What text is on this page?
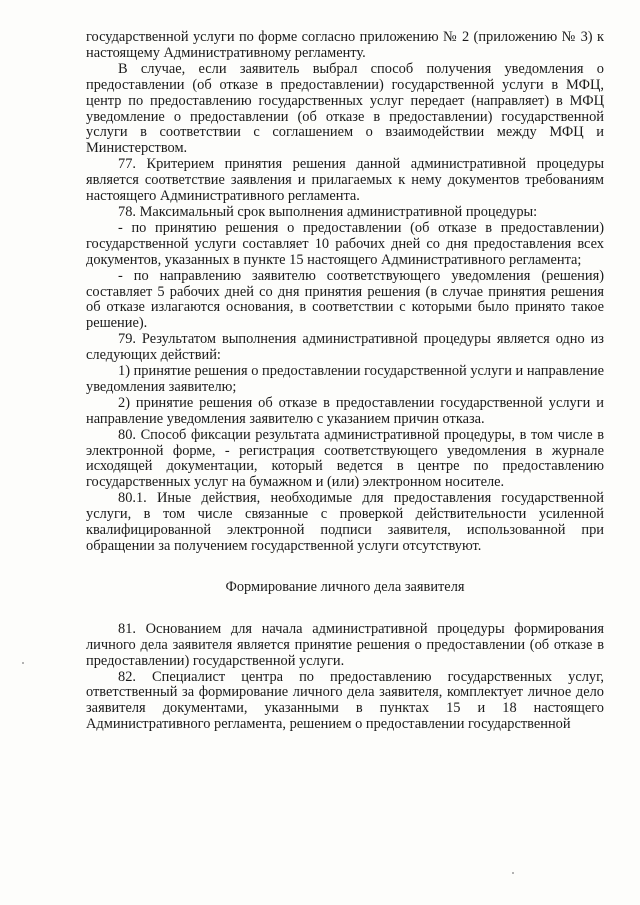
государственной услуги по форме согласно приложению № 2 (приложению № 3) к настоящему Административному регламенту.

В случае, если заявитель выбрал способ получения уведомления о предоставлении (об отказе в предоставлении) государственной услуги в МФЦ, центр по предоставлению государственных услуг передает (направляет) в МФЦ уведомление о предоставлении (об отказе в предоставлении) государственной услуги в соответствии с соглашением о взаимодействии между МФЦ и Министерством.

77. Критерием принятия решения данной административной процедуры является соответствие заявления и прилагаемых к нему документов требованиям настоящего Административного регламента.

78. Максимальный срок выполнения административной процедуры:

- по принятию решения о предоставлении (об отказе в предоставлении) государственной услуги составляет 10 рабочих дней со дня предоставления всех документов, указанных в пункте 15 настоящего Административного регламента;

- по направлению заявителю соответствующего уведомления (решения) составляет 5 рабочих дней со дня принятия решения (в случае принятия решения об отказе излагаются основания, в соответствии с которыми было принято такое решение).

79. Результатом выполнения административной процедуры является одно из следующих действий:

1) принятие решения о предоставлении государственной услуги и направление уведомления заявителю;

2) принятие решения об отказе в предоставлении государственной услуги и направление уведомления заявителю с указанием причин отказа.

80. Способ фиксации результата административной процедуры, в том числе в электронной форме, - регистрация соответствующего уведомления в журнале исходящей документации, который ведется в центре по предоставлению государственных услуг на бумажном и (или) электронном носителе.

80.1. Иные действия, необходимые для предоставления государственной услуги, в том числе связанные с проверкой действительности усиленной квалифицированной электронной подписи заявителя, использованной при обращении за получением государственной услуги отсутствуют.

Формирование личного дела заявителя

81. Основанием для начала административной процедуры формирования личного дела заявителя является принятие решения о предоставлении (об отказе в предоставлении) государственной услуги.

82. Специалист центра по предоставлению государственных услуг, ответственный за формирование личного дела заявителя, комплектует личное дело заявителя документами, указанными в пунктах 15 и 18 настоящего Административного регламента, решением о предоставлении государственной
